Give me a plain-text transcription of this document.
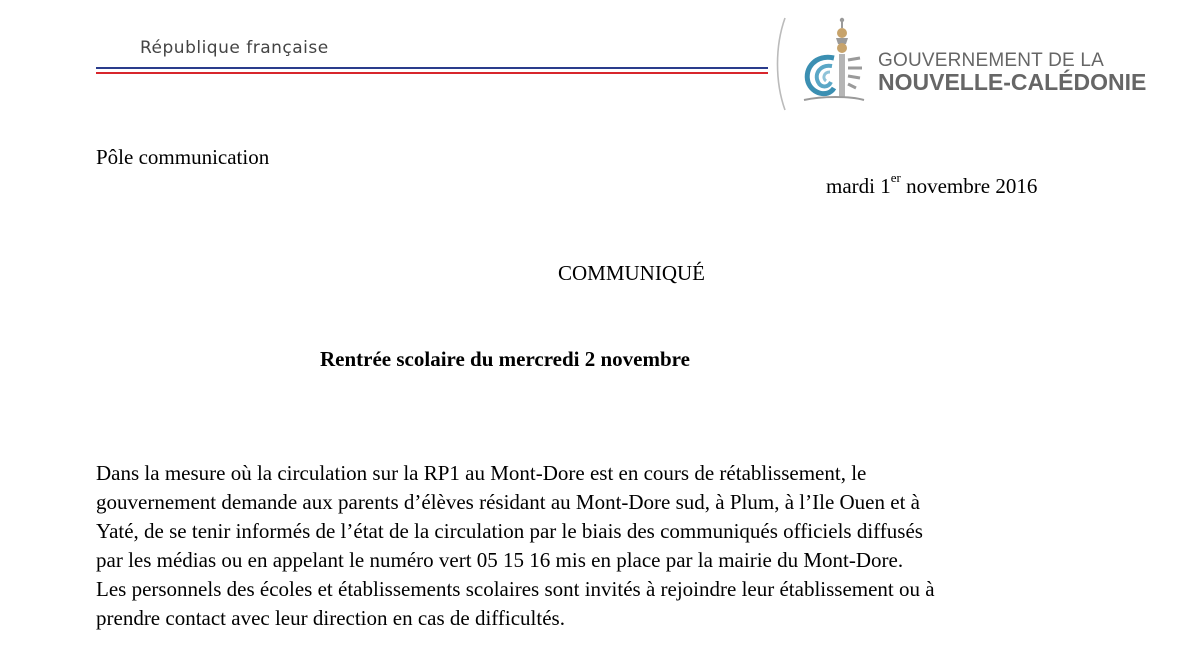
République française
GOUVERNEMENT DE LA
NOUVELLE-CALÉDONIE
Pôle communication
mardi 1er novembre 2016
COMMUNIQUÉ
Rentrée scolaire du mercredi 2 novembre
Dans la mesure où la circulation sur la RP1 au Mont-Dore est en cours de rétablissement, le
gouvernement demande aux parents d’élèves résidant au Mont-Dore sud, à Plum, à l’Ile Ouen et à
Yaté, de se tenir informés de l’état de la circulation par le biais des communiqués officiels diffusés
par les médias ou en appelant le numéro vert 05 15 16 mis en place par la mairie du Mont-Dore.
Les personnels des écoles et établissements scolaires sont invités à rejoindre leur établissement ou à
prendre contact avec leur direction en cas de difficultés.
